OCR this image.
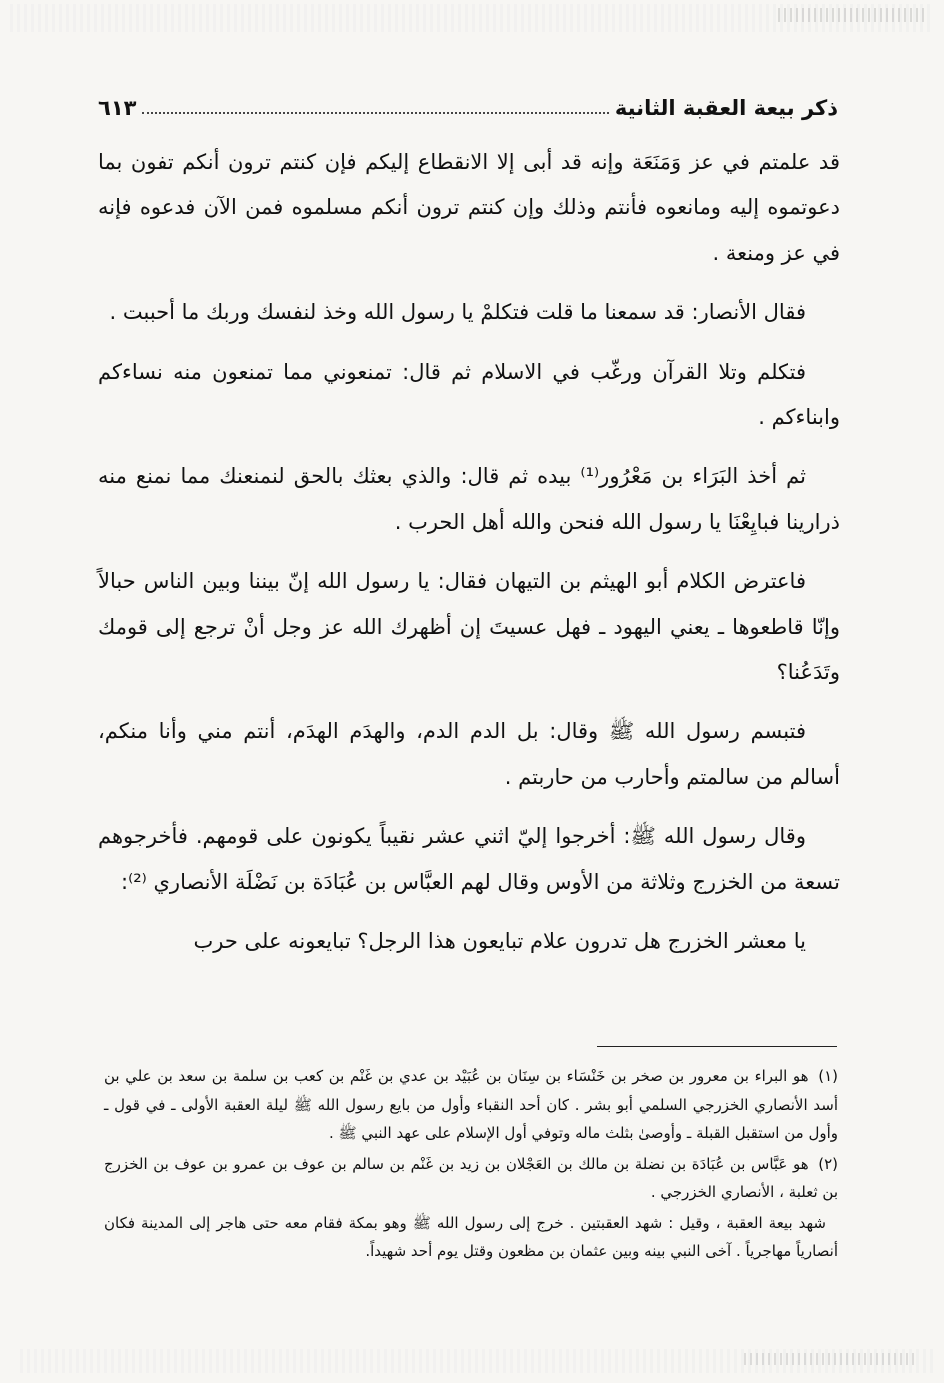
ذكر بيعة العقبة الثانية
٦١٣

قد علمتم في عز وَمَنَعَة وإنه قد أبى إلا الانقطاع إليكم فإن كنتم ترون أنكم تفون بما دعوتموه إليه ومانعوه فأنتم وذلك وإن كنتم ترون أنكم مسلموه فمن الآن فدعوه فإنه في عز ومنعة .

فقال الأنصار: قد سمعنا ما قلت فتكلمْ يا رسول الله وخذ لنفسك وربك ما أحببت .

فتكلم وتلا القرآن ورغّب في الاسلام ثم قال: تمنعوني مما تمنعون منه نساءكم وابناءكم .

ثم أخذ البَرَاء بن مَعْرُور⁽¹⁾ بيده ثم قال: والذي بعثك بالحق لنمنعنك مما نمنع منه ذرارينا فبايِعْنَا يا رسول الله فنحن والله أهل الحرب .

فاعترض الكلام أبو الهيثم بن التيهان فقال: يا رسول الله إنّ بيننا وبين الناس حبالاً وإنّا قاطعوها ـ يعني اليهود ـ فهل عسيتَ إن أظهرك الله عز وجل أنْ ترجع إلى قومك وتَدَعُنا؟

فتبسم رسول الله ﷺ وقال: بل الدم الدم، والهدَم الهدَم، أنتم مني وأنا منكم، أسالم من سالمتم وأحارب من حاربتم .

وقال رسول الله ﷺ: أخرجوا إليّ اثني عشر نقيباً يكونون على قومهم. فأخرجوهم تسعة من الخزرج وثلاثة من الأوس وقال لهم العبَّاس بن عُبَادَة بن نَضْلَة الأنصاري ⁽²⁾:

يا معشر الخزرج هل تدرون علام تبايعون هذا الرجل؟ تبايعونه على حرب

(١) هو البراء بن معرور بن صخر بن خَنْسَاء بن سِنَان بن عُبَيْد بن عدي بن غَنْم بن كعب بن سلمة بن سعد بن علي بن أسد الأنصاري الخزرجي السلمي أبو بشر . كان أحد النقباء وأول من بايع رسول الله ﷺ ليلة العقبة الأولى ـ في قول ـ وأول من استقبل القبلة ـ وأوصىٰ بثلث ماله وتوفي أول الإسلام على عهد النبي ﷺ .

(٢) هو عَبَّاس بن عُبَادَة بن نضلة بن مالك بن العَجْلان بن زيد بن غَنْم بن سالم بن عوف بن عمرو بن عوف بن الخزرج بن ثعلبة ، الأنصاري الخزرجي .

شهد بيعة العقبة ، وقيل : شهد العقبتين . خرج إلى رسول الله ﷺ وهو بمكة فقام معه حتى هاجر إلى المدينة فكان أنصارياً مهاجرياً . آخى النبي بينه وبين عثمان بن مظعون وقتل يوم أحد شهيداً.
